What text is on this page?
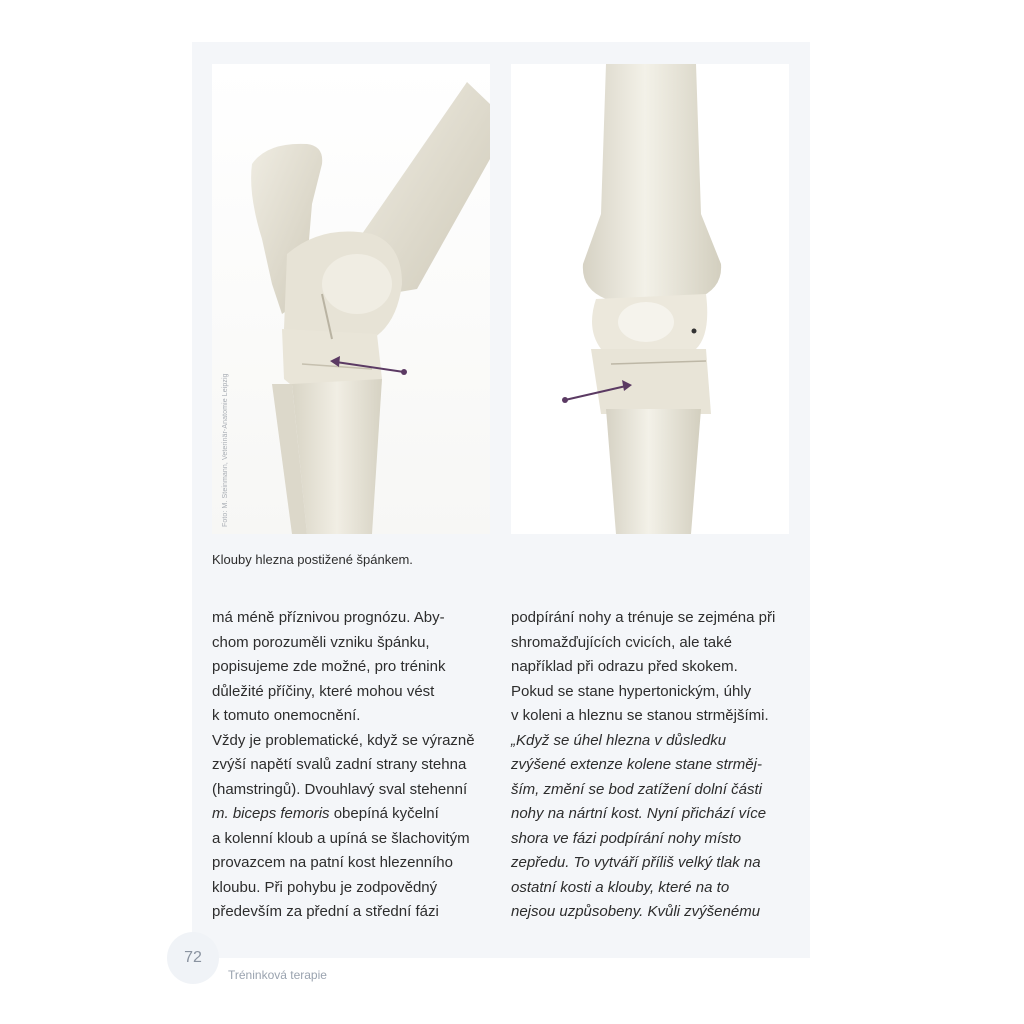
Foto: M. Steinmann, Veterinär-Anatomie Leipzig
Klouby hlezna postižené špánkem.
má méně příznivou prognózu. Aby-
chom porozuměli vzniku špánku,
popisujeme zde možné, pro trénink
důležité příčiny, které mohou vést
k tomuto onemocnění.
Vždy je problematické, když se výrazně
zvýší napětí svalů zadní strany stehna
(hamstringů). Dvouhlavý sval stehenní
m. biceps femoris obepíná kyčelní
a kolenní kloub a upíná se šlachovitým
provazcem na patní kost hlezenního
kloubu. Při pohybu je zodpovědný
především za přední a střední fázi
podpírání nohy a trénuje se zejména při
shromažďujících cvicích, ale také
například při odrazu před skokem.
Pokud se stane hypertonickým, úhly
v koleni a hleznu se stanou strmějšími.
„Když se úhel hlezna v důsledku
zvýšené extenze kolene stane strměj-
ším, změní se bod zatížení dolní části
nohy na nártní kost. Nyní přichází více
shora ve fázi podpírání nohy místo
zepředu. To vytváří příliš velký tlak na
ostatní kosti a klouby, které na to
nejsou uzpůsobeny. Kvůli zvýšenému
72
Tréninková terapie
